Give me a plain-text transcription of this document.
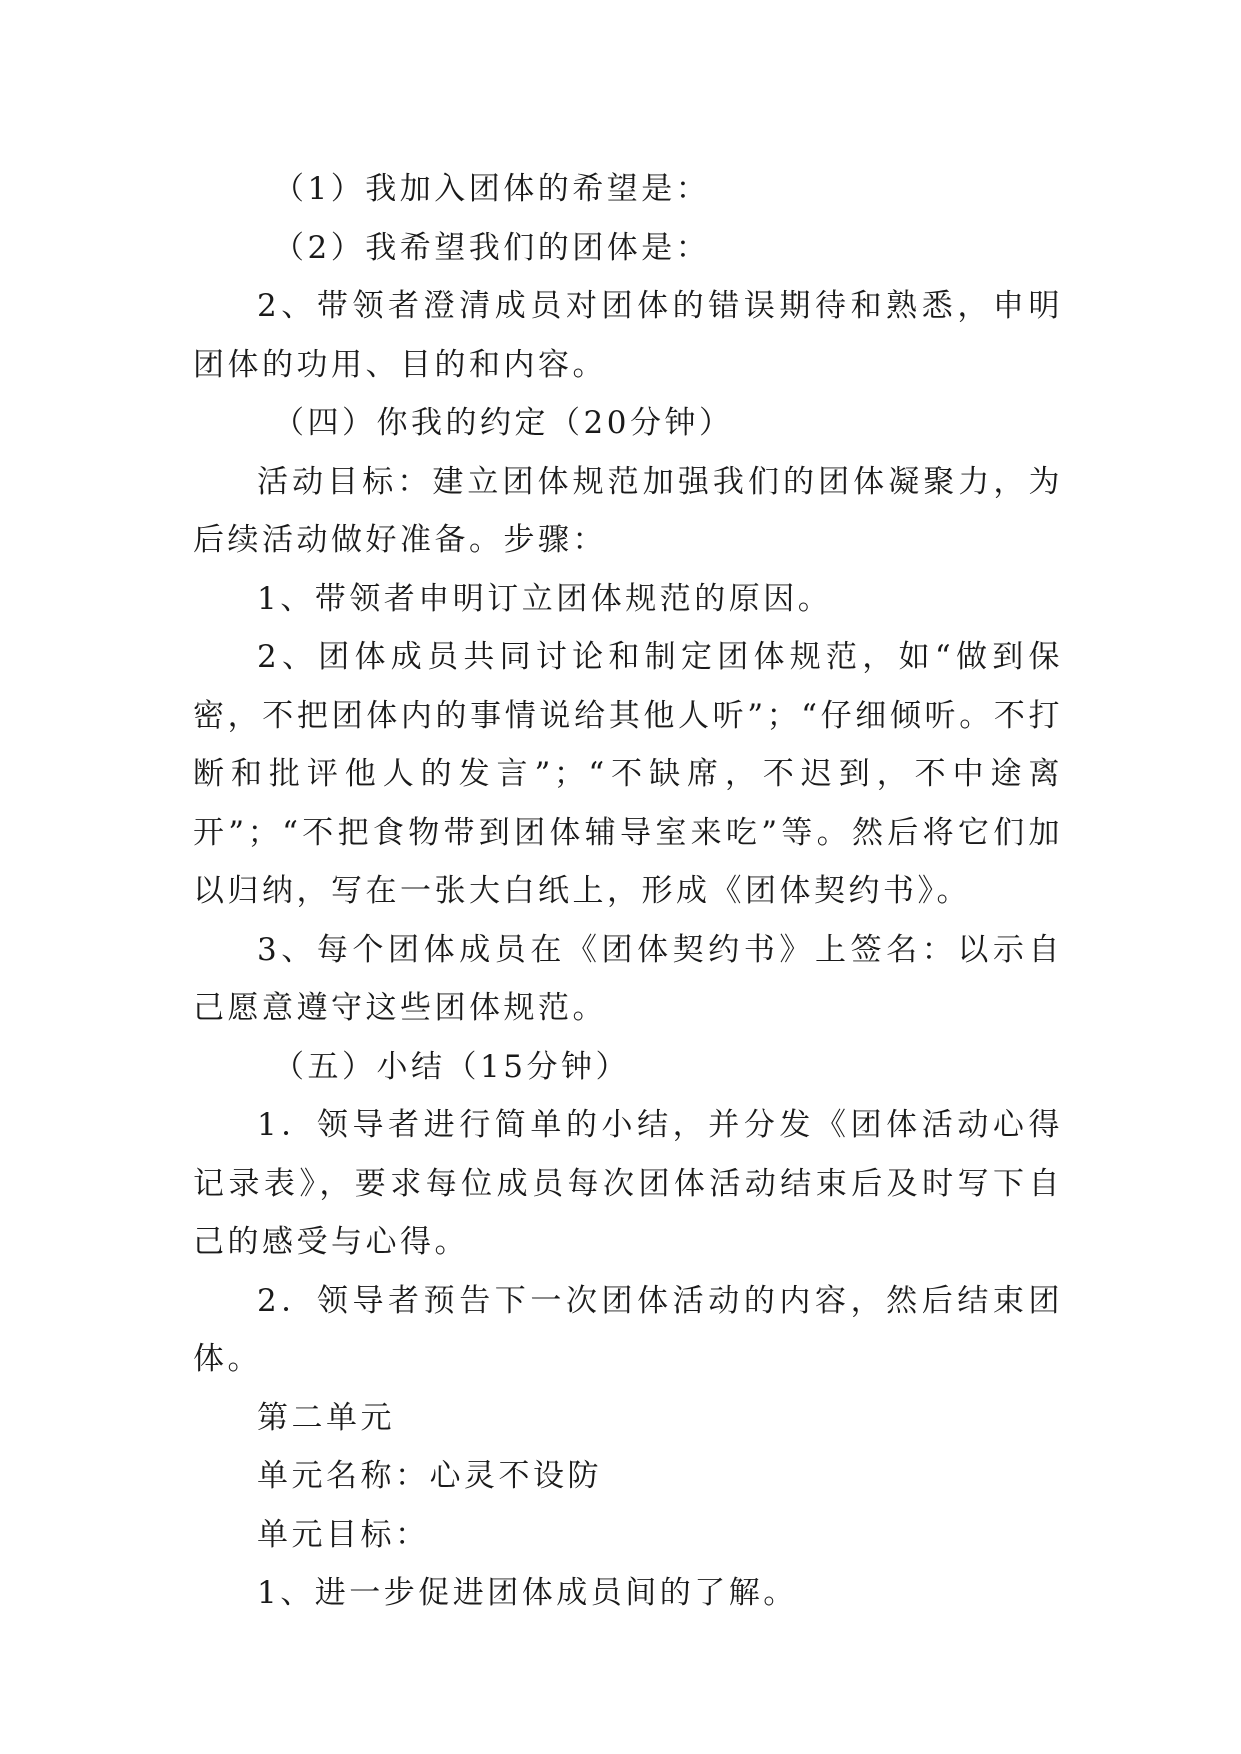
（1）我加入团体的希望是：

（2）我希望我们的团体是：

2、带领者澄清成员对团体的错误期待和熟悉，申明团体的功用、目的和内容。

（四）你我的约定（20分钟）

活动目标：建立团体规范加强我们的团体凝聚力，为后续活动做好准备。步骤：

1、带领者申明订立团体规范的原因。

2、团体成员共同讨论和制定团体规范，如“做到保密，不把团体内的事情说给其他人听”；“仔细倾听。不打断和批评他人的发言”；“不缺席，不迟到，不中途离开”；“不把食物带到团体辅导室来吃”等。然后将它们加以归纳，写在一张大白纸上，形成《团体契约书》。

3、每个团体成员在《团体契约书》上签名：以示自己愿意遵守这些团体规范。

（五）小结（15分钟）

1．领导者进行简单的小结，并分发《团体活动心得记录表》，要求每位成员每次团体活动结束后及时写下自己的感受与心得。

2．领导者预告下一次团体活动的内容，然后结束团体。

第二单元

单元名称：心灵不设防

单元目标：

1、进一步促进团体成员间的了解。
